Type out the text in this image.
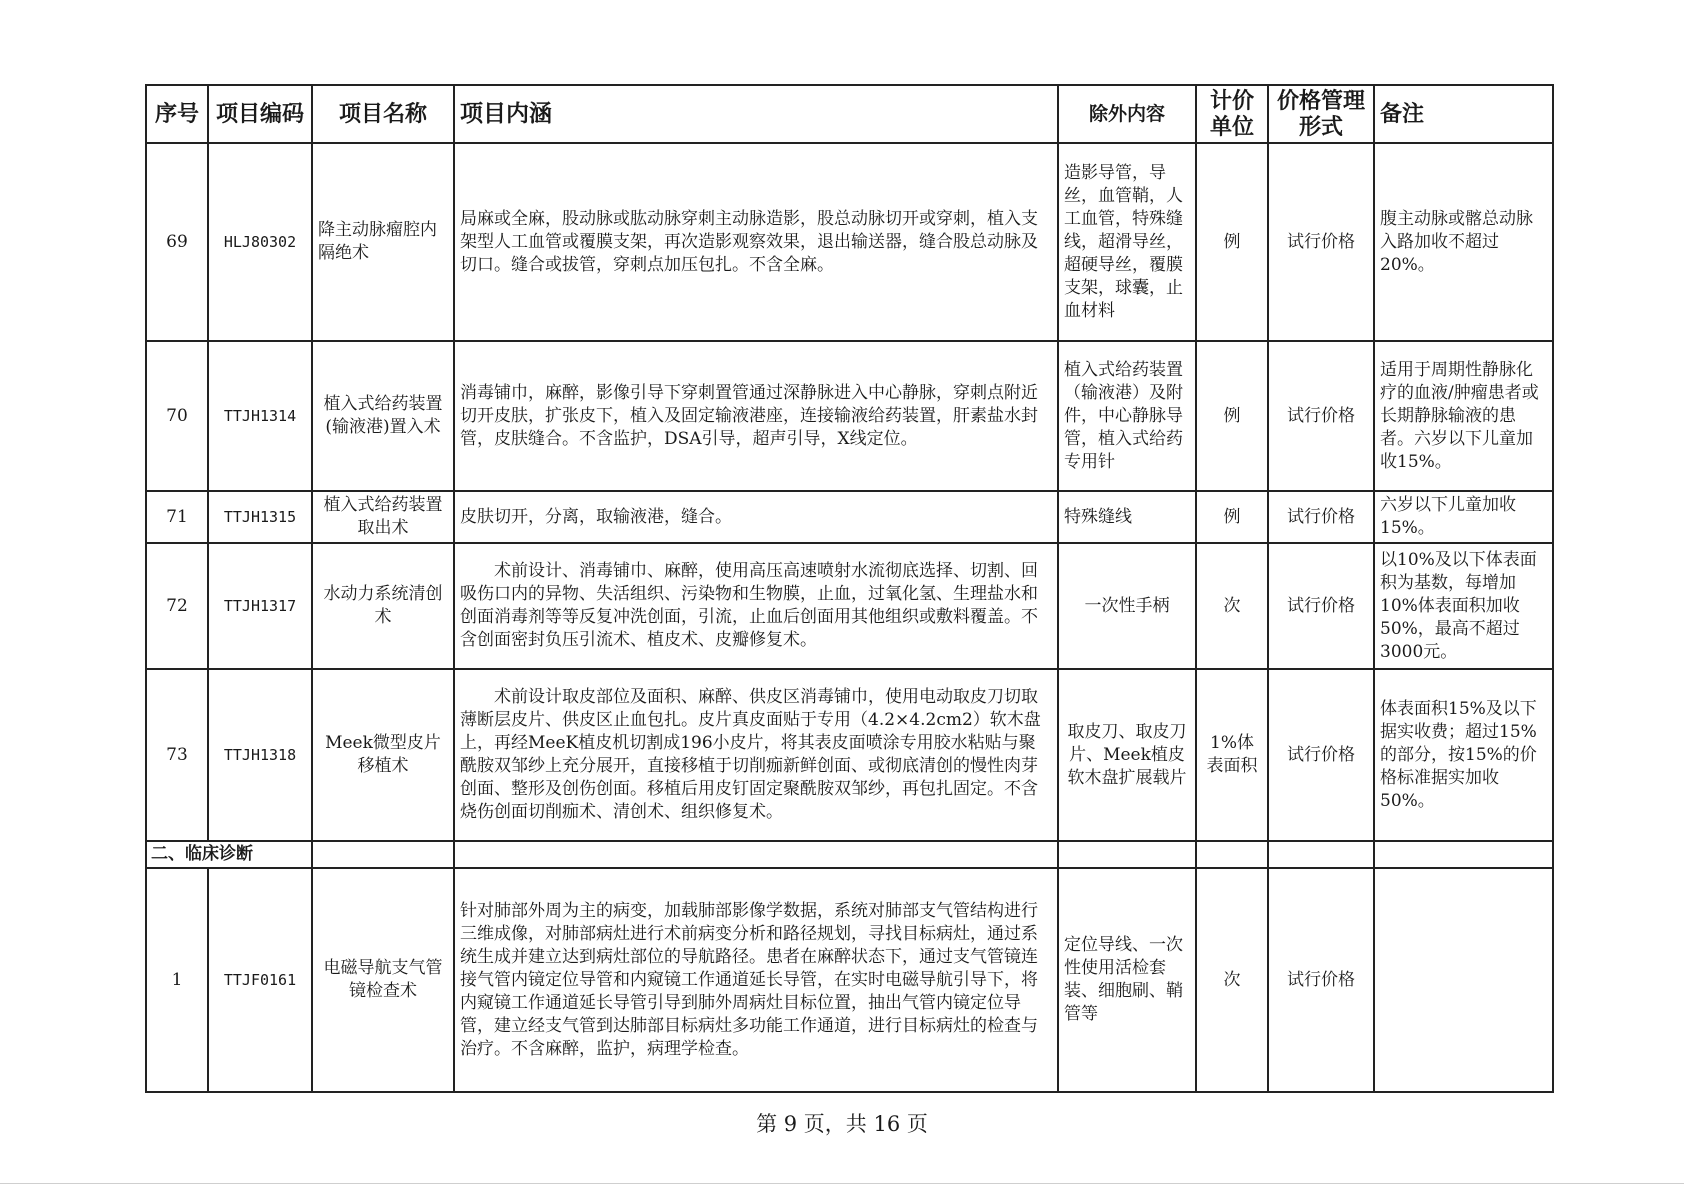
序号	项目编码	项目名称	项目内涵	除外内容	计价单位	价格管理形式	备注
69	HLJ80302	降主动脉瘤腔内隔绝术	局麻或全麻，股动脉或肱动脉穿刺主动脉造影，股总动脉切开或穿刺，植入支架型人工血管或覆膜支架，再次造影观察效果，退出输送器，缝合股总动脉及切口。缝合或拔管，穿刺点加压包扎。不含全麻。	造影导管，导丝，血管鞘，人工血管，特殊缝线，超滑导丝，超硬导丝，覆膜支架，球囊，止血材料	例	试行价格	腹主动脉或髂总动脉入路加收不超过20%。
70	TTJH1314	植入式给药装置(输液港)置入术	消毒铺巾，麻醉，影像引导下穿刺置管通过深静脉进入中心静脉，穿刺点附近切开皮肤，扩张皮下，植入及固定输液港座，连接输液给药装置，肝素盐水封管，皮肤缝合。不含监护，DSA引导，超声引导，X线定位。	植入式给药装置（输液港）及附件，中心静脉导管，植入式给药专用针	例	试行价格	适用于周期性静脉化疗的血液/肿瘤患者或长期静脉输液的患者。六岁以下儿童加收15%。
71	TTJH1315	植入式给药装置取出术	皮肤切开，分离，取输液港，缝合。	特殊缝线	例	试行价格	六岁以下儿童加收15%。
72	TTJH1317	水动力系统清创术	术前设计、消毒铺巾、麻醉，使用高压高速喷射水流彻底选择、切割、回吸伤口内的异物、失活组织、污染物和生物膜，止血，过氧化氢、生理盐水和创面消毒剂等等反复冲洗创面，引流，止血后创面用其他组织或敷料覆盖。不含创面密封负压引流术、植皮术、皮瓣修复术。	一次性手柄	次	试行价格	以10%及以下体表面积为基数，每增加10%体表面积加收50%，最高不超过3000元。
73	TTJH1318	Meek微型皮片移植术	术前设计取皮部位及面积、麻醉、供皮区消毒铺巾，使用电动取皮刀切取薄断层皮片、供皮区止血包扎。皮片真皮面贴于专用（4.2×4.2cm2）软木盘上，再经MeeK植皮机切割成196小皮片，将其表皮面喷涂专用胶水粘贴与聚酰胺双邹纱上充分展开，直接移植于切削痂新鲜创面、或彻底清创的慢性肉芽创面、整形及创伤创面。移植后用皮钉固定聚酰胺双邹纱，再包扎固定。不含烧伤创面切削痂术、清创术、组织修复术。	取皮刀、取皮刀片、Meek植皮软木盘扩展载片	1%体表面积	试行价格	体表面积15%及以下据实收费；超过15%的部分，按15%的价格标准据实加收50%。
二、临床诊断							
1	TTJF0161	电磁导航支气管镜检查术	针对肺部外周为主的病变，加载肺部影像学数据，系统对肺部支气管结构进行三维成像，对肺部病灶进行术前病变分析和路径规划，寻找目标病灶，通过系统生成并建立达到病灶部位的导航路径。患者在麻醉状态下，通过支气管镜连接气管内镜定位导管和内窥镜工作通道延长导管，在实时电磁导航引导下，将内窥镜工作通道延长导管引导到肺外周病灶目标位置，抽出气管内镜定位导管，建立经支气管到达肺部目标病灶多功能工作通道，进行目标病灶的检查与治疗。不含麻醉，监护，病理学检查。	定位导线、一次性使用活检套装、细胞刷、鞘管等	次	试行价格	
第 9 页，共 16 页
